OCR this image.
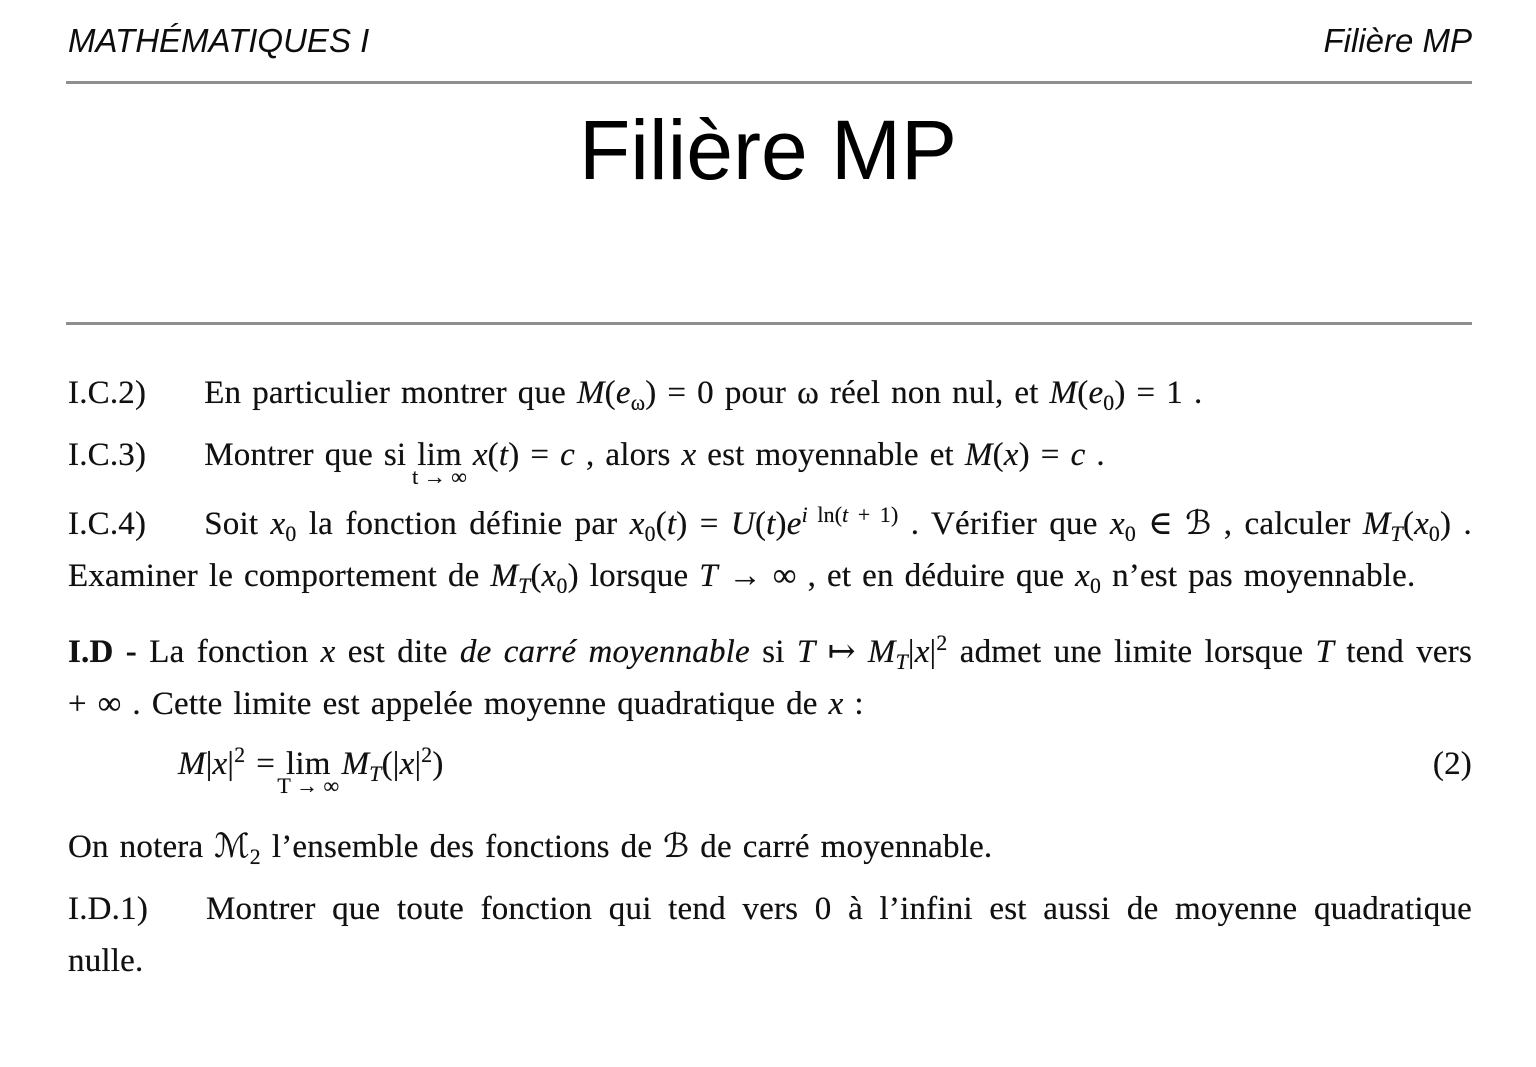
MATHÉMATIQUES I	Filière MP
Filière MP

I.C.2) En particulier montrer que $M(e_\omega) = 0$ pour ω réel non nul, et $M(e_0) = 1$ .

I.C.3) Montrer que si lim
t → ∞
x(t) = c , alors x est moyennable et M(x) = c .

I.C.4) Soit $x_0$ la fonction définie par $x_0(t) = U(t)e^i$ $^{ln(t}$ $^{+ 1)}$ . Vérifier que $x_0$ ∈ ℬ , calculer $M_T(x_0)$ . Examiner le comportement de $M_T(x_0)$ lorsque T → ∞ , et en déduire que $x_0$ n’est pas moyennable.

I.D - La fonction x est dite de carré moyennable si T ↦ $M_T|x|^2$ admet une limite lorsque T tend vers + ∞ . Cette limite est appelée moyenne quadratique de x :

$M|x|^2 = \lim$
T → ∞
$M_T(|x|^2)$	(2)

On notera ℳ$_2$ l’ensemble des fonctions de ℬ de carré moyennable.

I.D.1) Montrer que toute fonction qui tend vers 0 à l’infini est aussi de moyenne quadratique nulle.
